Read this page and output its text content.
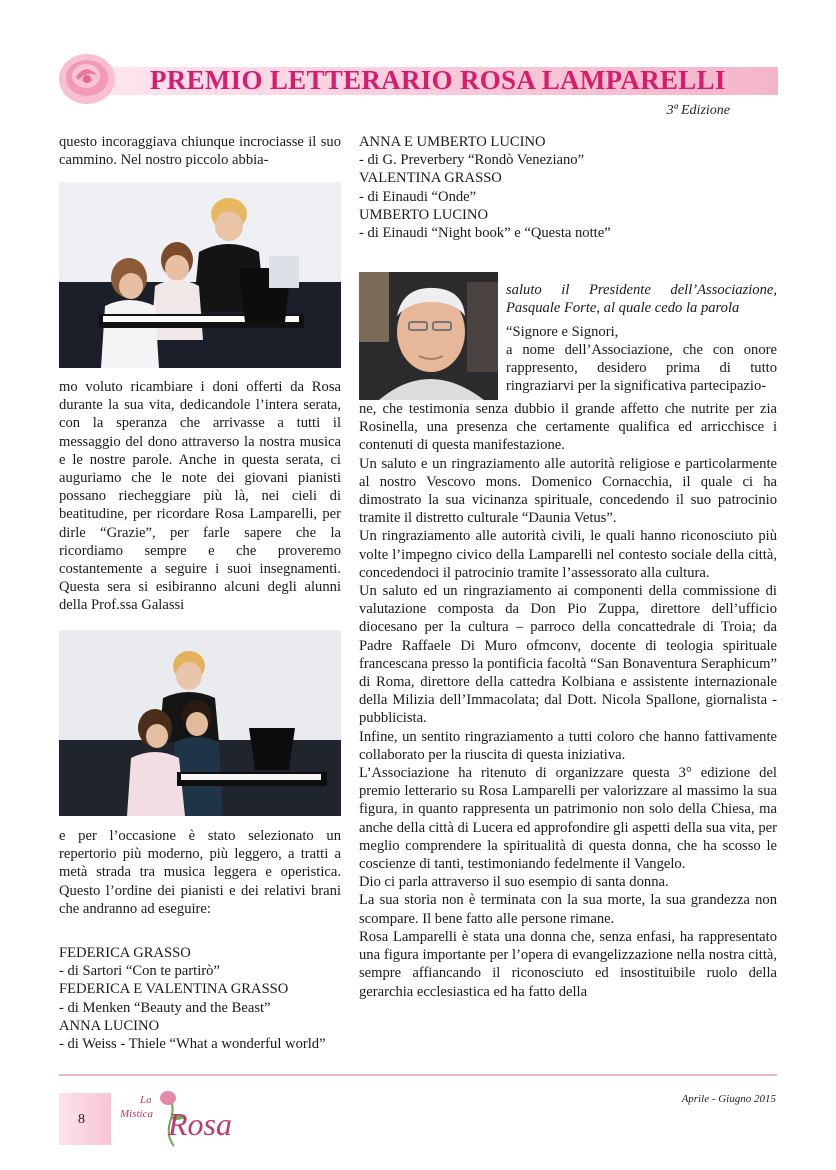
PREMIO LETTERARIO ROSA LAMPARELLI
3ª Edizione

questo incoraggiava chiunque incrociasse il suo cammino. Nel nostro piccolo abbia-

mo voluto ricambiare i doni offerti da Rosa durante la sua vita, dedicandole l’intera serata, con la speranza che arrivasse a tutti il messaggio del dono attraverso la nostra musica e le nostre parole. Anche in questa serata, ci auguriamo che le note dei giovani pianisti possano riecheggiare più là, nei cieli di beatitudine, per ricordare Rosa Lamparelli, per dirle “Grazie”, per farle sapere che la ricordiamo sempre e che proveremo costantemente a seguire i suoi insegnamenti. Questa sera si esibiranno alcuni degli alunni della Prof.ssa Galassi

e per l’occasione è stato selezionato un repertorio più moderno, più leggero, a tratti a metà strada tra musica leggera e operistica. Questo l’ordine dei pianisti e dei relativi brani che andranno ad eseguire:

FEDERICA GRASSO
- di Sartori “Con te partirò”
FEDERICA E VALENTINA GRASSO
- di Menken “Beauty and the Beast”
ANNA LUCINO
- di Weiss - Thiele “What a wonderful world”
ANNA E UMBERTO LUCINO
- di G. Preverbery “Rondò Veneziano”
VALENTINA GRASSO
- di Einaudi “Onde”
UMBERTO LUCINO
- di Einaudi “Night book” e “Questa notte”

saluto il Presidente dell’Associazione, Pasquale Forte, al quale cedo la parola

“Signore e Signori,

a nome dell’Associazione, che con onore rappresento, desidero prima di tutto ringraziarvi per la significativa partecipazio-

ne, che testimonia senza dubbio il grande affetto che nutrite per zia Rosinella, una presenza che certamente qualifica ed arricchisce i contenuti di questa manifestazione.

Un saluto e un ringraziamento alle autorità religiose e particolarmente al nostro Vescovo mons. Domenico Cornacchia, il quale ci ha dimostrato la sua vicinanza spirituale, concedendo il suo patrocinio tramite il distretto culturale “Daunia Vetus”.

Un ringraziamento alle autorità civili, le quali hanno riconosciuto più volte l’impegno civico della Lamparelli nel contesto sociale della città, concedendoci il patrocinio tramite l’assessorato alla cultura.

Un saluto ed un ringraziamento ai componenti della commissione di valutazione composta da Don Pio Zuppa, direttore dell’ufficio diocesano per la cultura – parroco della concattedrale di Troia; da Padre Raffaele Di Muro ofmconv, docente di teologia spirituale francescana presso la pontificia facoltà “San Bonaventura Seraphicum” di Roma, direttore della cattedra Kolbiana e assistente internazionale della Milizia dell’Immacolata; dal Dott. Nicola Spallone, giornalista - pubblicista.

Infine, un sentito ringraziamento a tutti coloro che hanno fattivamente collaborato per la riuscita di questa iniziativa.

L’Associazione ha ritenuto di organizzare questa 3° edizione del premio letterario su Rosa Lamparelli per valorizzare al massimo la sua figura, in quanto rappresenta un patrimonio non solo della Chiesa, ma anche della città di Lucera ed approfondire gli aspetti della sua vita, per meglio comprendere la spiritualità di questa donna, che ha scosso le coscienze di tanti, testimoniando fedelmente il Vangelo.

Dio ci parla attraverso il suo esempio di santa donna.

La sua storia non è terminata con la sua morte, la sua grandezza non scompare. Il bene fatto alle persone rimane.

Rosa Lamparelli è stata una donna che, senza enfasi, ha rappresentato una figura importante per l’opera di evangelizzazione nella nostra città, sempre affiancando il riconosciuto ed insostituibile ruolo della gerarchia ecclesiastica ed ha fatto della

8
La
Mistica Rosa
Aprile - Giugno 2015
